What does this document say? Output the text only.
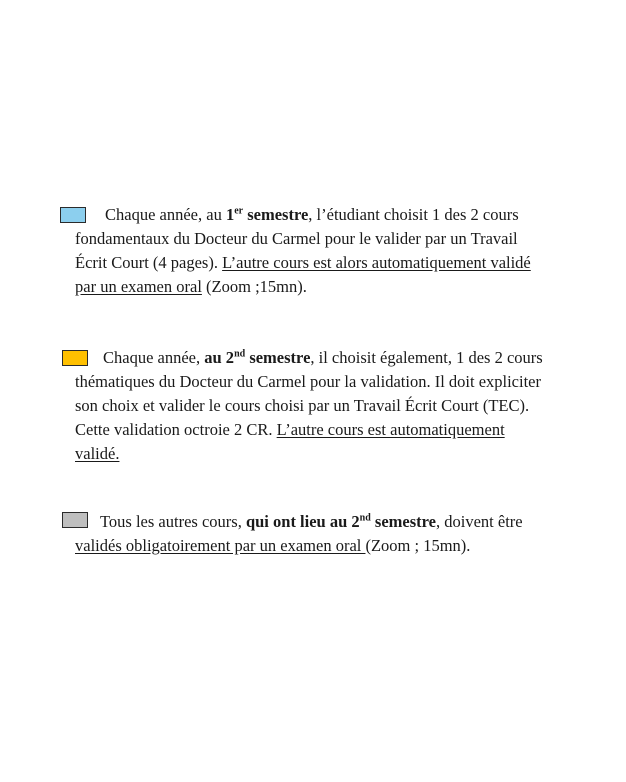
Chaque année, au 1er semestre, l’étudiant choisit 1 des 2 cours
fondamentaux du Docteur du Carmel pour le valider par un Travail
Écrit Court (4 pages). L’autre cours est alors automatiquement validé
par un examen oral (Zoom ;15mn).
Chaque année, au 2nd semestre, il choisit également, 1 des 2 cours
thématiques du Docteur du Carmel pour la validation. Il doit expliciter
son choix et valider le cours choisi par un Travail Écrit Court (TEC).
Cette validation octroie 2 CR. L’autre cours est automatiquement
validé.
Tous les autres cours, qui ont lieu au 2nd semestre, doivent être
validés obligatoirement par un examen oral (Zoom ; 15mn).
